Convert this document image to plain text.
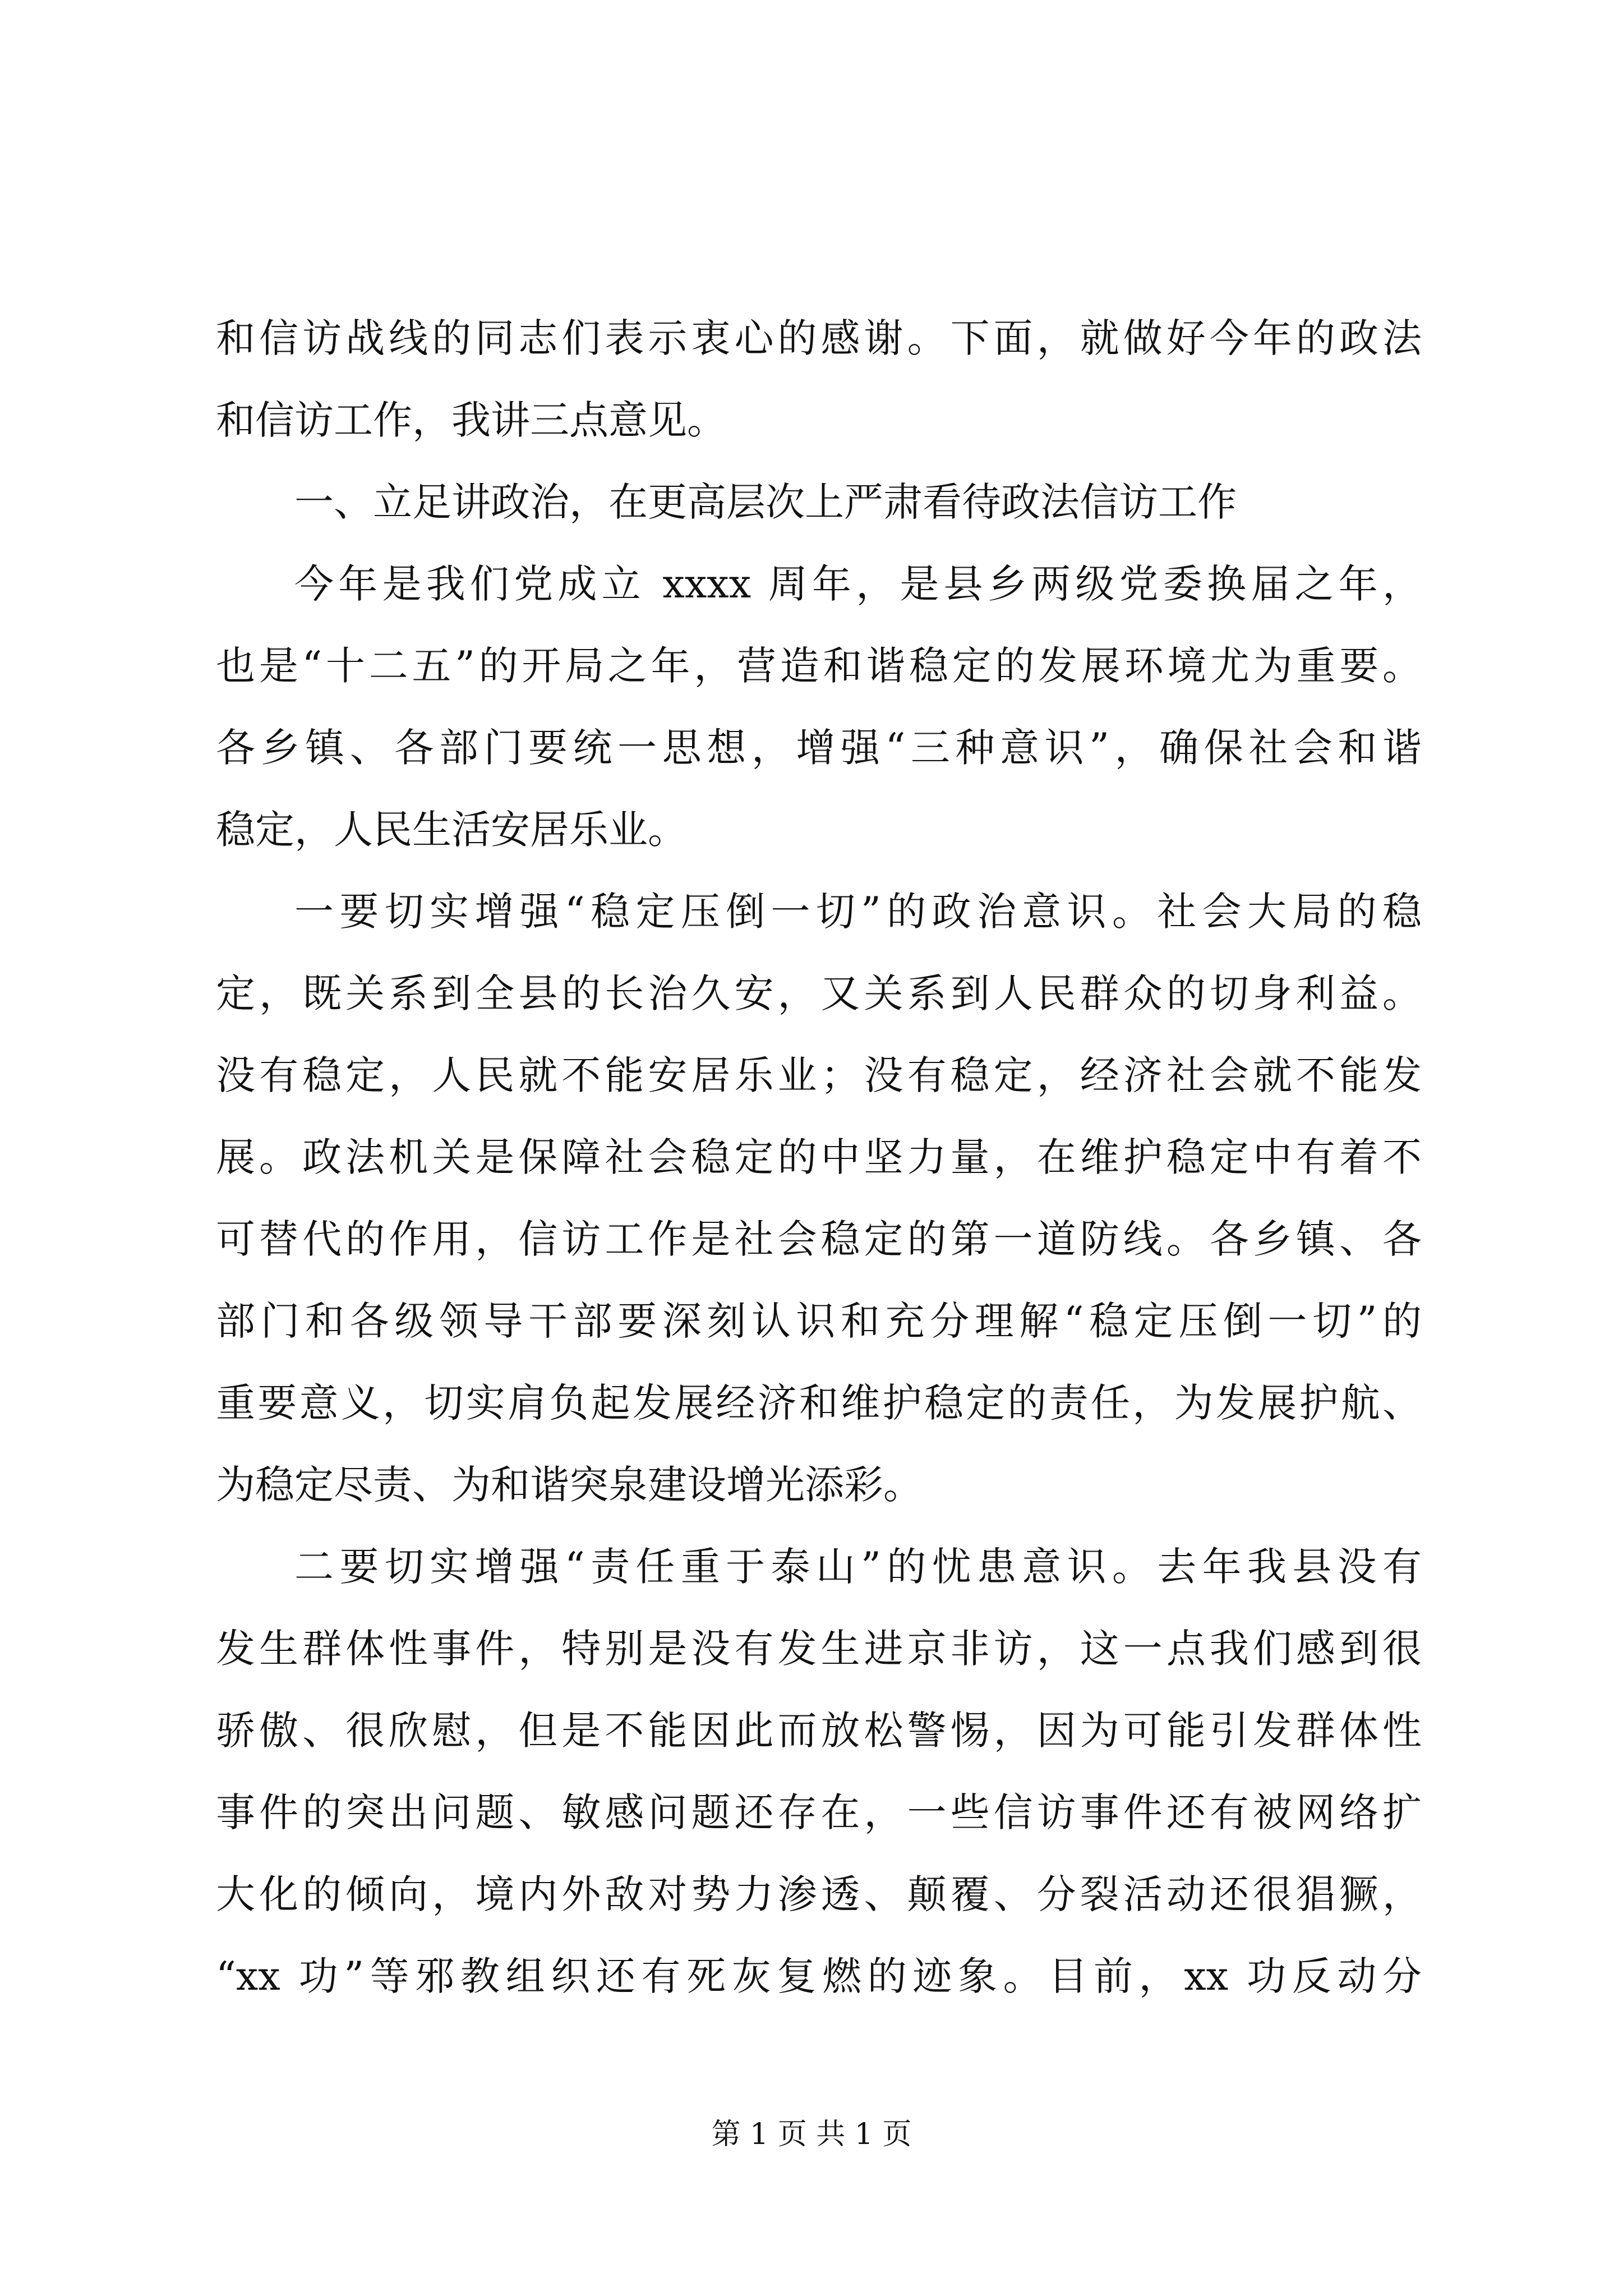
和信访战线的同志们表示衷心的感谢。下面，就做好今年的政法
和信访工作，我讲三点意见。
一、立足讲政治，在更高层次上严肃看待政法信访工作
今年是我们党成立 xxxx 周年，是县乡两级党委换届之年，
也是“十二五”的开局之年，营造和谐稳定的发展环境尤为重要。
各乡镇、各部门要统一思想，增强“三种意识”，确保社会和谐
稳定，人民生活安居乐业。
一要切实增强“稳定压倒一切”的政治意识。社会大局的稳
定，既关系到全县的长治久安，又关系到人民群众的切身利益。
没有稳定，人民就不能安居乐业；没有稳定，经济社会就不能发
展。政法机关是保障社会稳定的中坚力量，在维护稳定中有着不
可替代的作用，信访工作是社会稳定的第一道防线。各乡镇、各
部门和各级领导干部要深刻认识和充分理解“稳定压倒一切”的
重要意义，切实肩负起发展经济和维护稳定的责任，为发展护航、
为稳定尽责、为和谐突泉建设增光添彩。
二要切实增强“责任重于泰山”的忧患意识。去年我县没有
发生群体性事件，特别是没有发生进京非访，这一点我们感到很
骄傲、很欣慰，但是不能因此而放松警惕，因为可能引发群体性
事件的突出问题、敏感问题还存在，一些信访事件还有被网络扩
大化的倾向，境内外敌对势力渗透、颠覆、分裂活动还很猖獗，
“xx 功”等邪教组织还有死灰复燃的迹象。目前，xx 功反动分
第 1 页 共 1 页
